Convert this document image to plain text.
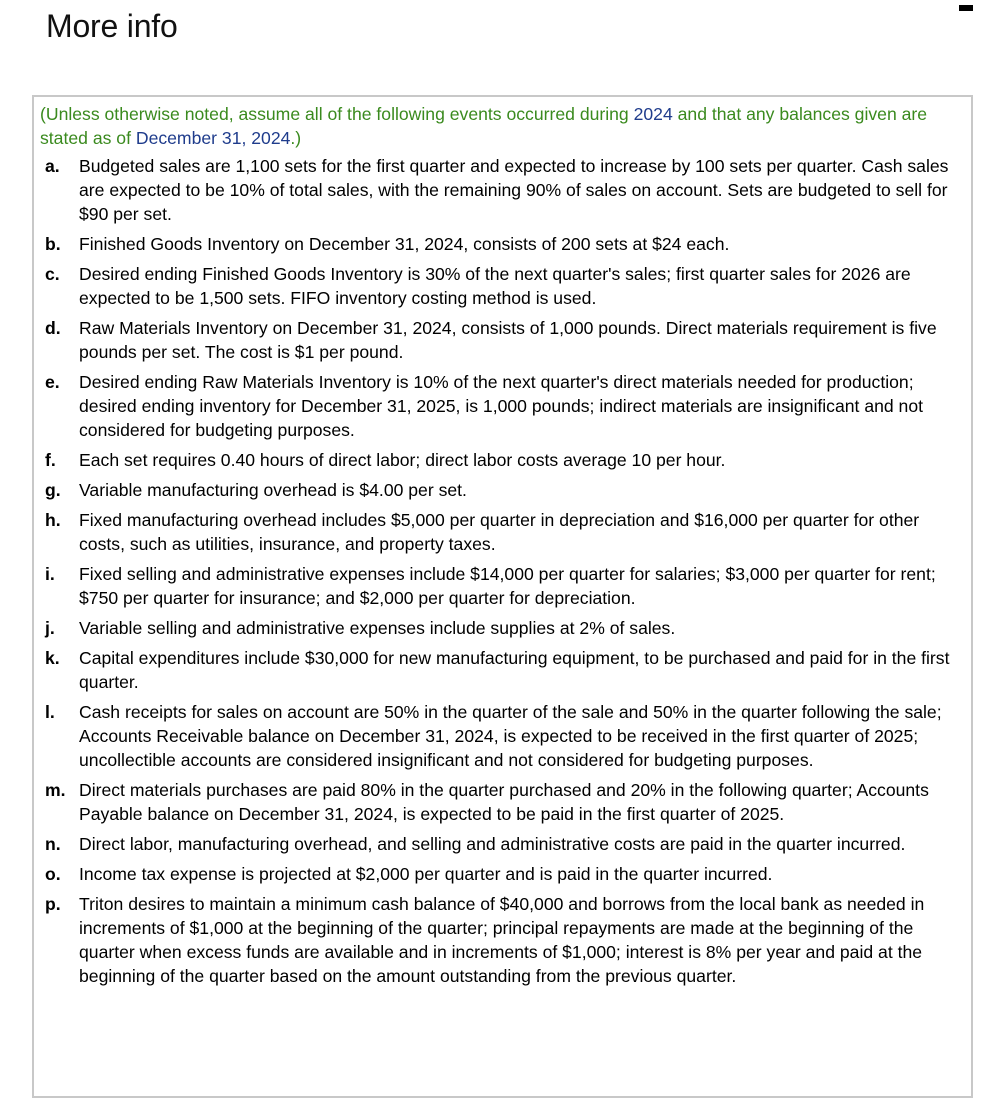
More info
(Unless otherwise noted, assume all of the following events occurred during 2024 and that any balances given are stated as of December 31, 2024.)
a.	Budgeted sales are 1,100 sets for the first quarter and expected to increase by 100 sets per quarter. Cash sales are expected to be 10% of total sales, with the remaining 90% of sales on account. Sets are budgeted to sell for $90 per set.
b.	Finished Goods Inventory on December 31, 2024, consists of 200 sets at $24 each.
c.	Desired ending Finished Goods Inventory is 30% of the next quarter's sales; first quarter sales for 2026 are expected to be 1,500 sets. FIFO inventory costing method is used.
d.	Raw Materials Inventory on December 31, 2024, consists of 1,000 pounds. Direct materials requirement is five pounds per set. The cost is $1 per pound.
e.	Desired ending Raw Materials Inventory is 10% of the next quarter's direct materials needed for production; desired ending inventory for December 31, 2025, is 1,000 pounds; indirect materials are insignificant and not considered for budgeting purposes.
f.	Each set requires 0.40 hours of direct labor; direct labor costs average 10 per hour.
g.	Variable manufacturing overhead is $4.00 per set.
h.	Fixed manufacturing overhead includes $5,000 per quarter in depreciation and $16,000 per quarter for other costs, such as utilities, insurance, and property taxes.
i.	Fixed selling and administrative expenses include $14,000 per quarter for salaries; $3,000 per quarter for rent; $750 per quarter for insurance; and $2,000 per quarter for depreciation.
j.	Variable selling and administrative expenses include supplies at 2% of sales.
k.	Capital expenditures include $30,000 for new manufacturing equipment, to be purchased and paid for in the first quarter.
l.	Cash receipts for sales on account are 50% in the quarter of the sale and 50% in the quarter following the sale; Accounts Receivable balance on December 31, 2024, is expected to be received in the first quarter of 2025; uncollectible accounts are considered insignificant and not considered for budgeting purposes.
m. Direct materials purchases are paid 80% in the quarter purchased and 20% in the following quarter; Accounts Payable balance on December 31, 2024, is expected to be paid in the first quarter of 2025.
n.	Direct labor, manufacturing overhead, and selling and administrative costs are paid in the quarter incurred.
o.	Income tax expense is projected at $2,000 per quarter and is paid in the quarter incurred.
p.	Triton desires to maintain a minimum cash balance of $40,000 and borrows from the local bank as needed in increments of $1,000 at the beginning of the quarter; principal repayments are made at the beginning of the quarter when excess funds are available and in increments of $1,000; interest is 8% per year and paid at the beginning of the quarter based on the amount outstanding from the previous quarter.
